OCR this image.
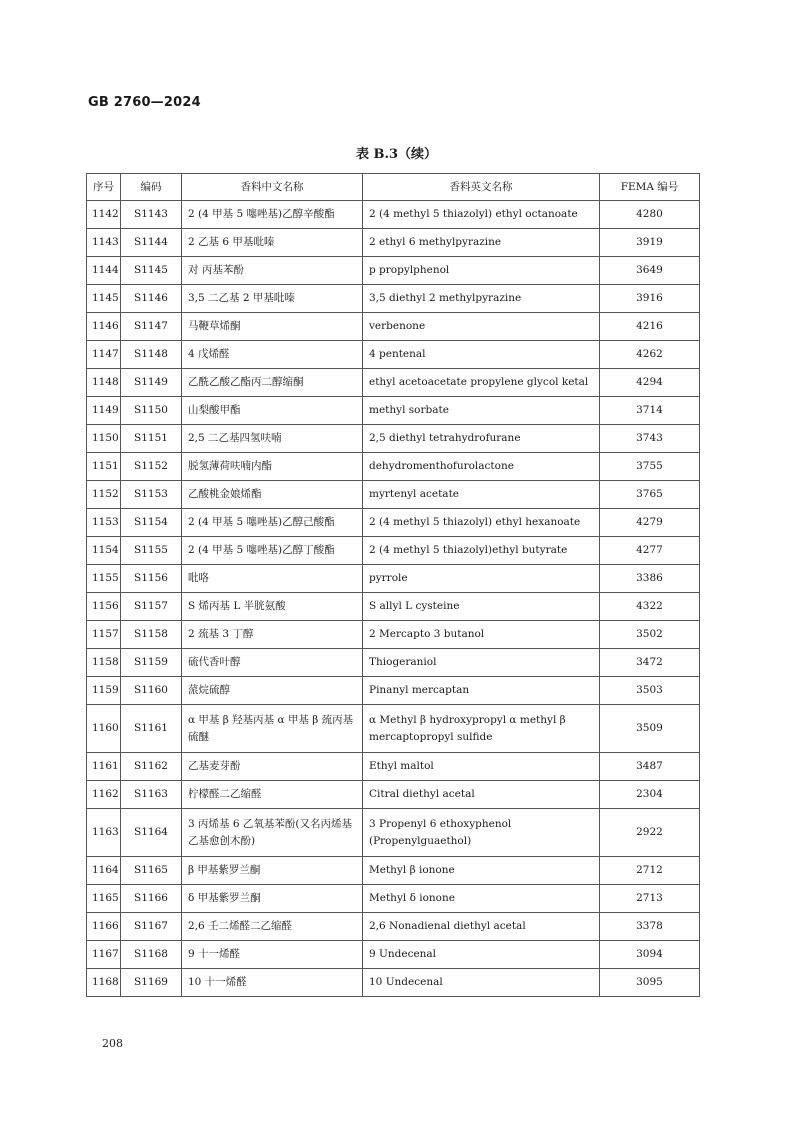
GB 2760—2024
表 B.3（续）
序号	编码	香料中文名称	香料英文名称	FEMA 编号
1142	S1143	2 (4 甲基 5 噻唑基)乙醇辛酸酯	2 (4 methyl 5 thiazolyl) ethyl octanoate	4280
1143	S1144	2 乙基 6 甲基吡嗪	2 ethyl 6 methylpyrazine	3919
1144	S1145	对 丙基苯酚	p propylphenol	3649
1145	S1146	3,5 二乙基 2 甲基吡嗪	3,5 diethyl 2 methylpyrazine	3916
1146	S1147	马鞭草烯酮	verbenone	4216
1147	S1148	4 戊烯醛	4 pentenal	4262
1148	S1149	乙酰乙酸乙酯丙二醇缩酮	ethyl acetoacetate propylene glycol ketal	4294
1149	S1150	山梨酸甲酯	methyl sorbate	3714
1150	S1151	2,5 二乙基四氢呋喃	2,5 diethyl tetrahydrofurane	3743
1151	S1152	脱氢薄荷呋喃内酯	dehydromenthofurolactone	3755
1152	S1153	乙酸桃金娘烯酯	myrtenyl acetate	3765
1153	S1154	2 (4 甲基 5 噻唑基)乙醇己酸酯	2 (4 methyl 5 thiazolyl) ethyl hexanoate	4279
1154	S1155	2 (4 甲基 5 噻唑基)乙醇丁酸酯	2 (4 methyl 5 thiazolyl)ethyl butyrate	4277
1155	S1156	吡咯	pyrrole	3386
1156	S1157	S 烯丙基 L 半胱氨酸	S allyl L cysteine	4322
1157	S1158	2 巯基 3 丁醇	2 Mercapto 3 butanol	3502
1158	S1159	硫代香叶醇	Thiogeraniol	3472
1159	S1160	蒎烷硫醇	Pinanyl mercaptan	3503
1160	S1161	α 甲基 β 羟基丙基 α 甲基 β 巯丙基硫醚	α Methyl β hydroxypropyl α methyl β mercaptopropyl sulfide	3509
1161	S1162	乙基麦芽酚	Ethyl maltol	3487
1162	S1163	柠檬醛二乙缩醛	Citral diethyl acetal	2304
1163	S1164	3 丙烯基 6 乙氧基苯酚(又名丙烯基乙基愈创木酚)	3 Propenyl 6 ethoxyphenol (Propenylguaethol)	2922
1164	S1165	β 甲基紫罗兰酮	Methyl β ionone	2712
1165	S1166	δ 甲基紫罗兰酮	Methyl δ ionone	2713
1166	S1167	2,6 壬二烯醛二乙缩醛	2,6 Nonadienal diethyl acetal	3378
1167	S1168	9 十一烯醛	9 Undecenal	3094
1168	S1169	10 十一烯醛	10 Undecenal	3095
208
